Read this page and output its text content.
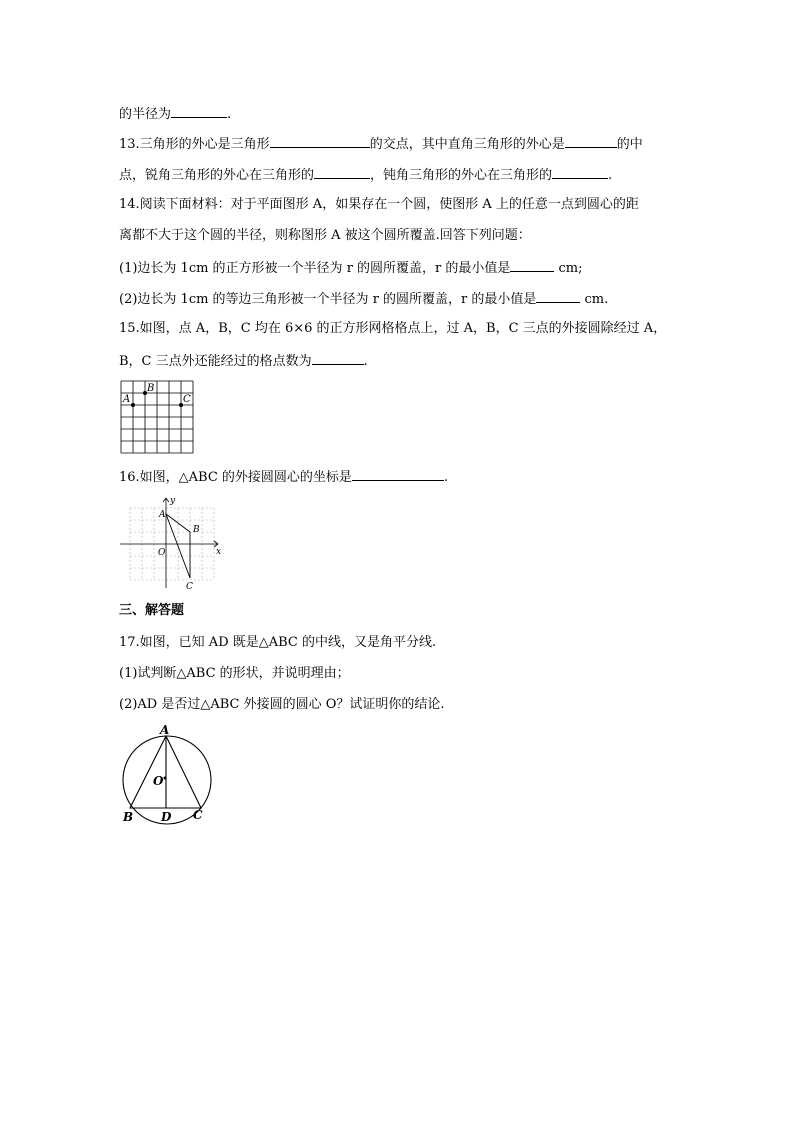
的半径为	.
13.三角形的外心是三角形	的交点，其中直角三角形的外心是	的中
点，锐角三角形的外心在三角形的	，钝角三角形的外心在三角形的	.
14.阅读下面材料：对于平面图形 A，如果存在一个圆，使图形 A 上的任意一点到圆心的距
离都不大于这个圆的半径，则称图形 A 被这个圆所覆盖.回答下列问题：
(1)边长为 1cm 的正方形被一个半径为 r 的圆所覆盖，r 的最小值是	cm;
(2)边长为 1cm 的等边三角形被一个半径为 r 的圆所覆盖，r 的最小值是	cm.
15.如图，点 A，B，C 均在 6×6 的正方形网格格点上，过 A，B，C 三点的外接圆除经过 A，
B，C 三点外还能经过的格点数为	.
A
B
C
16.如图，△ABC 的外接圆圆心的坐标是	.
y
x
O
A
B
C
三、解答题
17.如图，已知 AD 既是△ABC 的中线，又是角平分线.
(1)试判断△ABC 的形状，并说明理由；
(2)AD 是否过△ABC 外接圆的圆心 O？试证明你的结论.
A
O
B D C
